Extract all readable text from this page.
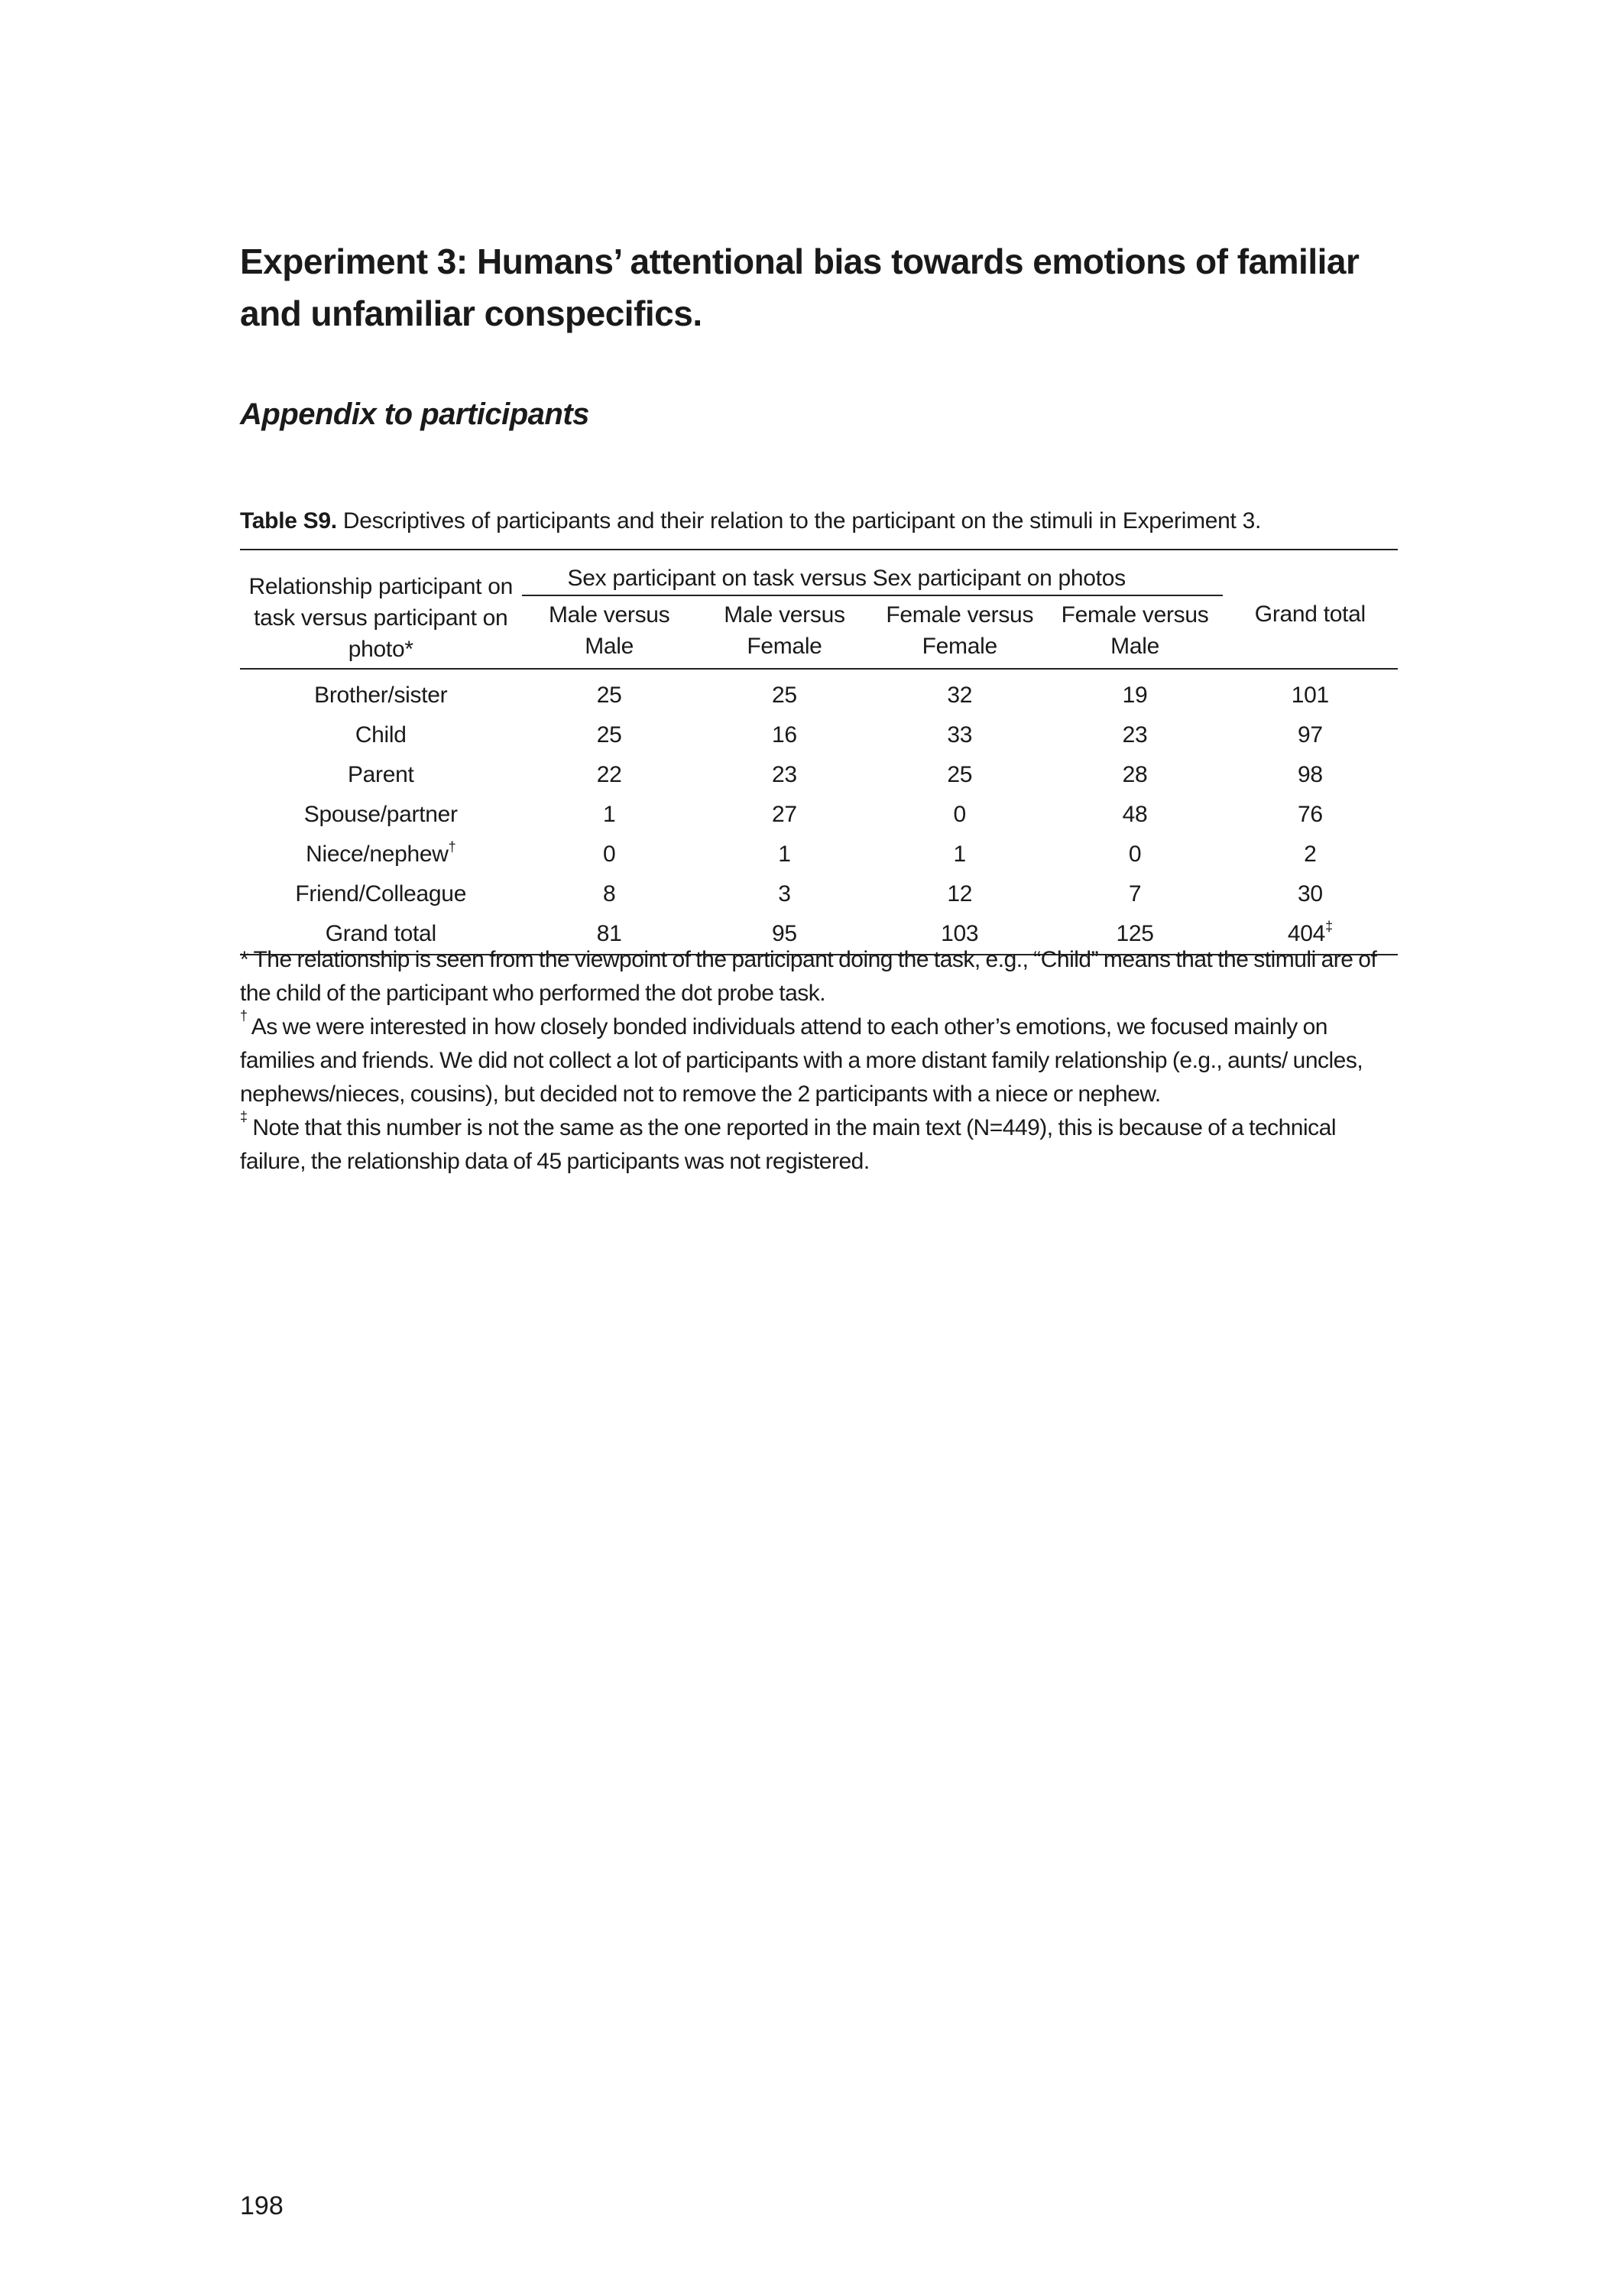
Experiment 3: Humans’ attentional bias towards emotions of familiar and unfamiliar conspecifics.
Appendix to participants

Table S9. Descriptives of participants and their relation to the participant on the stimuli in Experiment 3.

Relationship participant on task versus participant on photo*	Sex participant on task versus Sex participant on photos				
	Male versus Male	Male versus Female	Female versus Female	Female versus Male	Grand total
Brother/sister	25	25	32	19	101
Child	25	16	33	23	97
Parent	22	23	25	28	98
Spouse/partner	1	27	0	48	76
Niece/nephew†	0	1	1	0	2
Friend/Colleague	8	3	12	7	30
Grand total	81	95	103	125	404‡

* The relationship is seen from the viewpoint of the participant doing the task, e.g., “Child” means that the stimuli are of the child of the participant who performed the dot probe task.

† As we were interested in how closely bonded individuals attend to each other’s emotions, we focused mainly on families and friends. We did not collect a lot of participants with a more distant family relationship (e.g., aunts/ uncles, nephews/nieces, cousins), but decided not to remove the 2 participants with a niece or nephew.

‡ Note that this number is not the same as the one reported in the main text (N=449), this is because of a technical failure, the relationship data of 45 participants was not registered.

198
